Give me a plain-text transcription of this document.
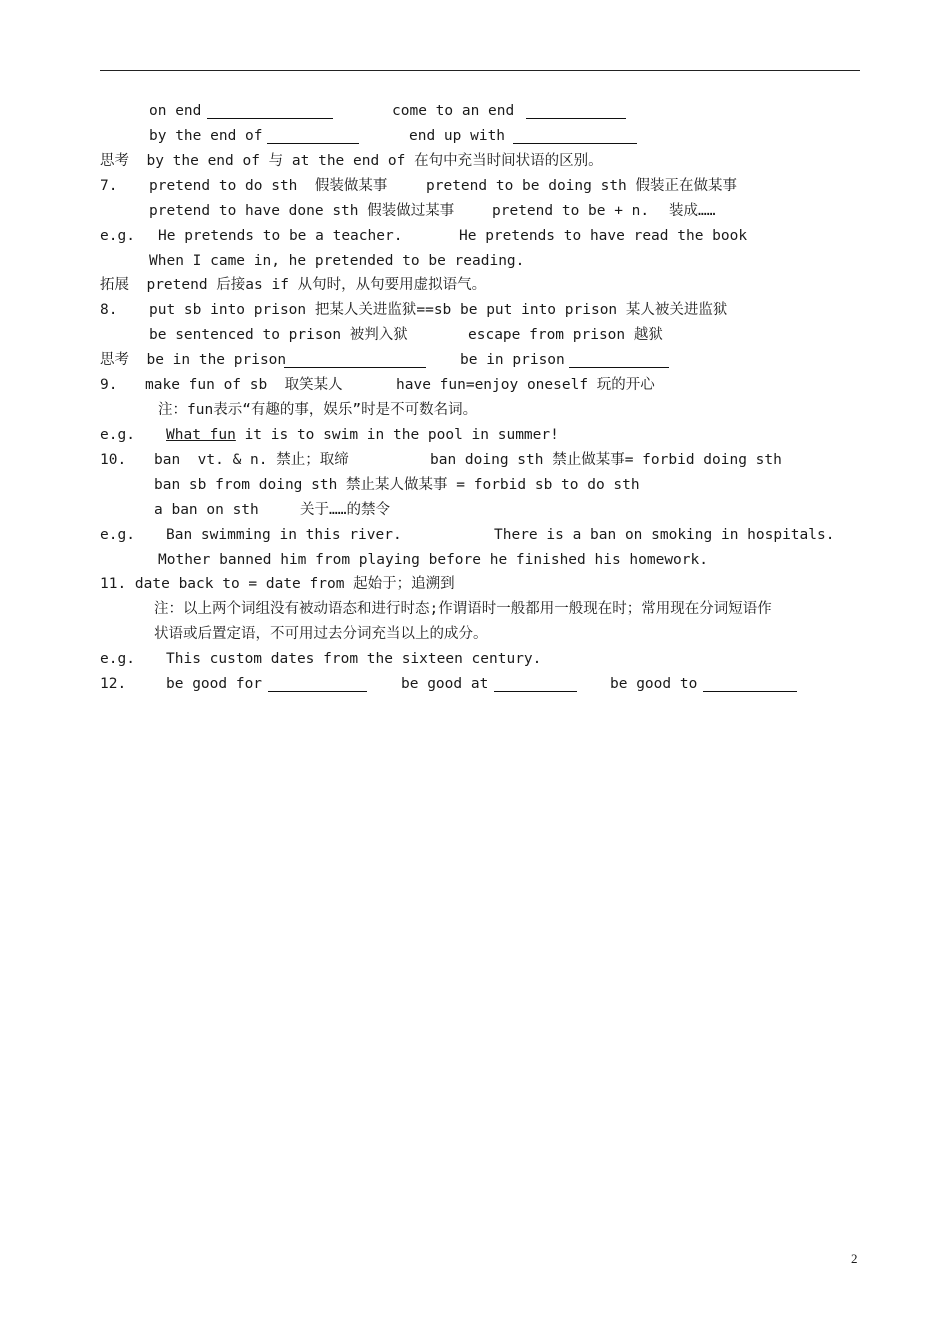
on end	come to an end
by the end of	end up with
思考  by the end of 与 at the end of 在句中充当时间状语的区别。
7. pretend to do sth  假装做某事	pretend to be doing sth 假装正在做某事
pretend to have done sth 假装做过某事	pretend to be + n. 装成……
e.g. He pretends to be a teacher.	He pretends to have read the book
When I came in, he pretended to be reading.
拓展  pretend 后接as if 从句时，从句要用虚拟语气。
8. put sb into prison 把某人关进监狱==sb be put into prison 某人被关进监狱
be sentenced to prison 被判入狱	escape from prison 越狱
思考  be in the prison	be in prison
9. make fun of sb  取笑某人	have fun=enjoy oneself 玩的开心
注：fun表示“有趣的事，娱乐”时是不可数名词。
e.g. What fun it is to swim in the pool in summer!
10. ban  vt. & n. 禁止；取缔	ban doing sth 禁止做某事= forbid doing sth
ban sb from doing sth 禁止某人做某事 = forbid sb to do sth
a ban on sth	关于……的禁令
e.g. Ban swimming in this river.	There is a ban on smoking in hospitals.
Mother banned him from playing before he finished his homework.
11. date back to = date from 起始于；追溯到
注：以上两个词组没有被动语态和进行时态;作谓语时一般都用一般现在时；常用现在分词短语作
状语或后置定语，不可用过去分词充当以上的成分。
e.g. This custom dates from the sixteen century.
12.	be good for	be good at	be good to
2
